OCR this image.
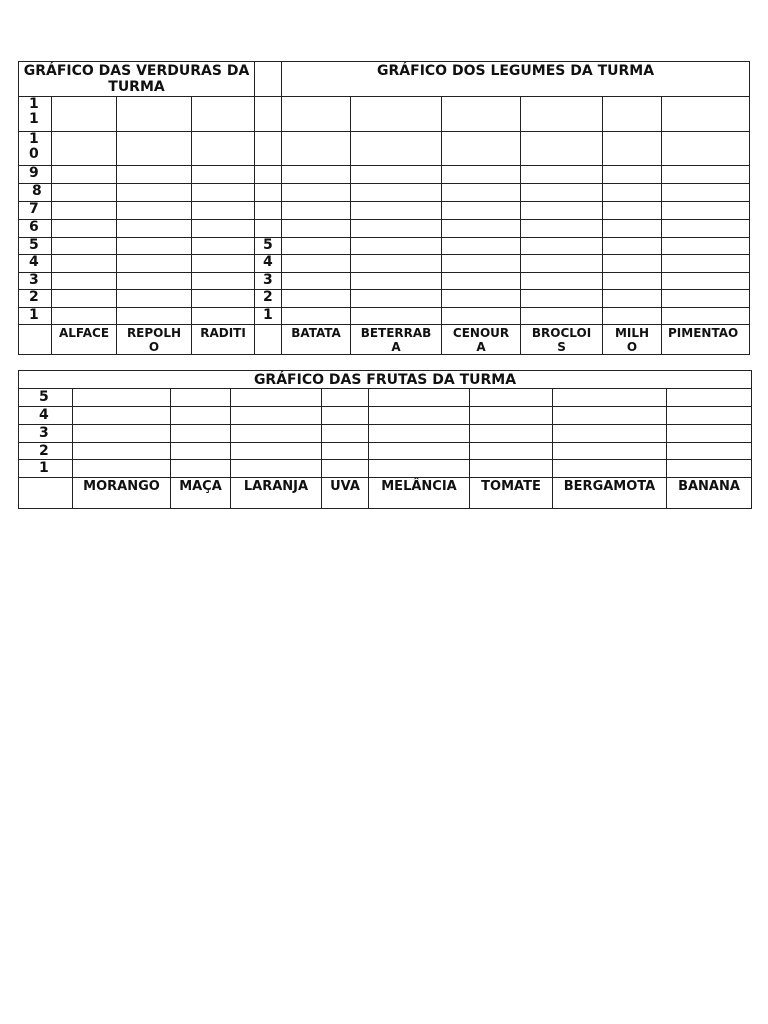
GRÁFICO DAS VERDURAS DA TURMA					GRÁFICO DOS LEGUMES DA TURMA					

1 1										

1 0										

9										

8										

7										

6										

5				5						

4				4						

3				3						

2				2						

1				1						

	ALFACE	REPOLHO	RADITI		BATATA	BETERRABA	CENOURA	BROCLOIS	MILHO	PIMENTAO
GRÁFICO DAS FRUTAS DA TURMA								

5								

4								

3								

2								

1								

	MORANGO	MAÇA	LARANJA	UVA	MELÂNCIA	TOMATE	BERGAMOTA	BANANA
